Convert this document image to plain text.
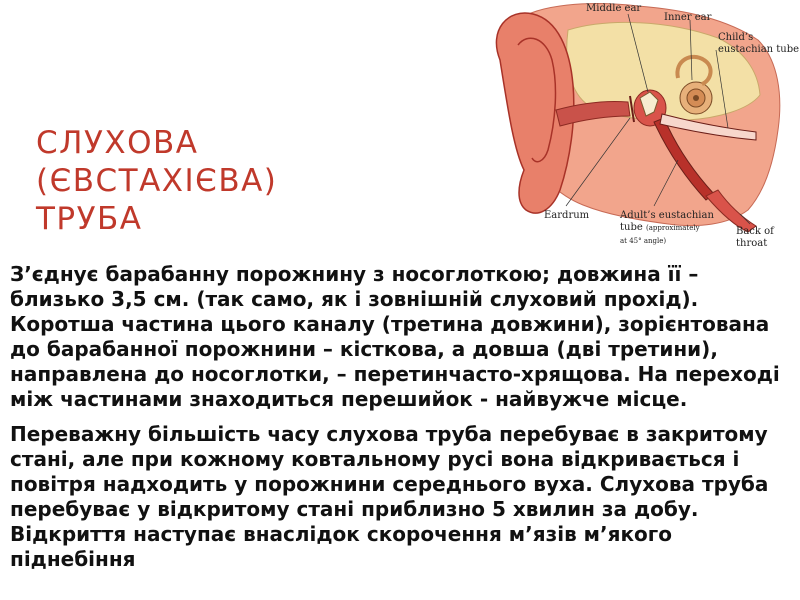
СЛУХОВА
(ЄВСТАХІЄВА)
ТРУБА
Middle ear
Inner ear
Child’s
eustachian tube
Eardrum	Adult’s eustachian
tube (approximately
at 45° angle)
Back of
throat

З’єднує барабанну порожнину з носоглоткою; довжина її – близько 3,5 см. (так само, як і зовнішній слуховий прохід). Коротша частина цього каналу (третина довжини), зорієнтована до барабанної порожнини – кісткова, а довша (дві третини), направлена до носоглотки, – перетинчасто-хрящова. На переході між частинами знаходиться перешийок - найвужче місце.

Переважну більшість часу слухова труба перебуває в закритому стані, але при кожному ковтальному русі вона відкривається і повітря надходить у порожнини середнього вуха. Слухова труба перебуває у відкритому стані приблизно 5 хвилин за добу. Відкриття наступає внаслідок скорочення м’язів м’якого піднебіння
